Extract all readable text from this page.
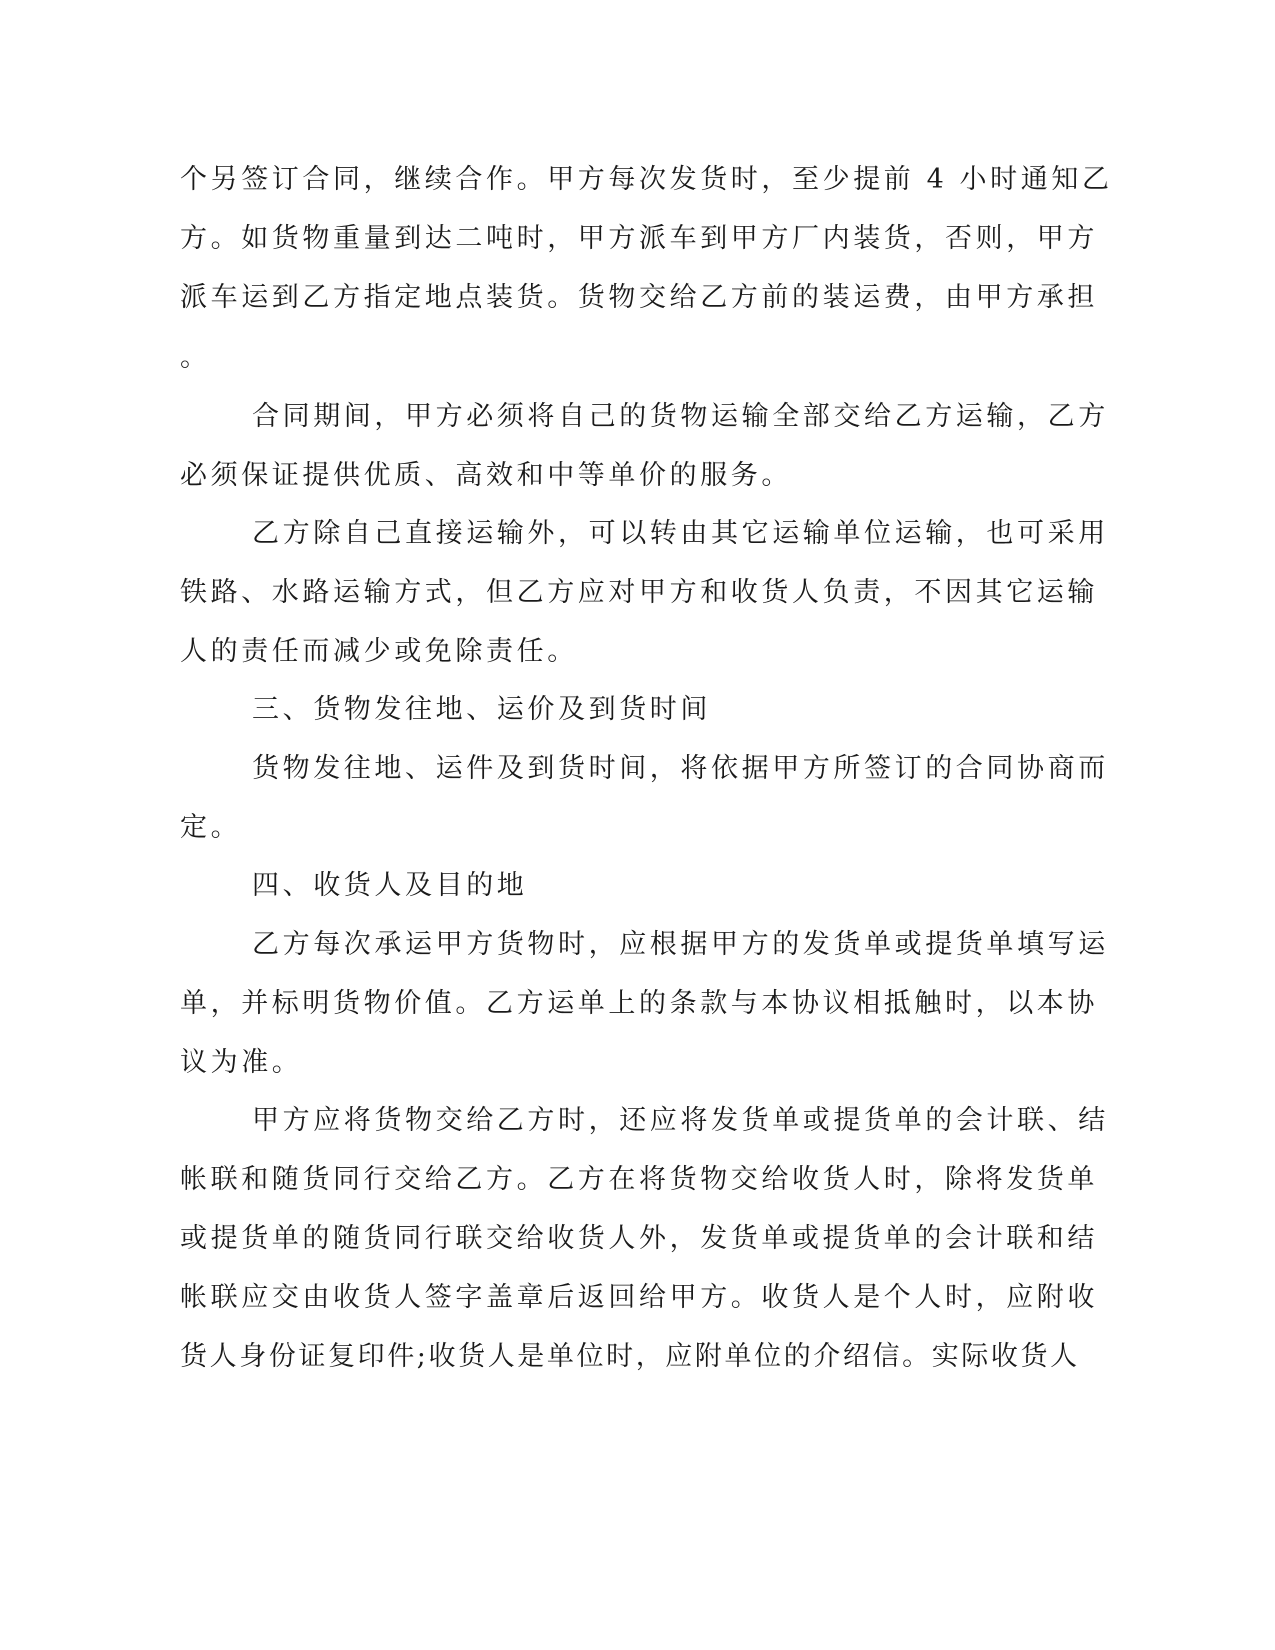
个另签订合同，继续合作。甲方每次发货时，至少提前 4 小时通知乙
方。如货物重量到达二吨时，甲方派车到甲方厂内装货，否则，甲方
派车运到乙方指定地点装货。货物交给乙方前的装运费，由甲方承担
。
合同期间，甲方必须将自己的货物运输全部交给乙方运输，乙方
必须保证提供优质、高效和中等单价的服务。
乙方除自己直接运输外，可以转由其它运输单位运输，也可采用
铁路、水路运输方式，但乙方应对甲方和收货人负责，不因其它运输
人的责任而减少或免除责任。
三、货物发往地、运价及到货时间
货物发往地、运件及到货时间，将依据甲方所签订的合同协商而
定。
四、收货人及目的地
乙方每次承运甲方货物时，应根据甲方的发货单或提货单填写运
单，并标明货物价值。乙方运单上的条款与本协议相抵触时，以本协
议为准。
甲方应将货物交给乙方时，还应将发货单或提货单的会计联、结
帐联和随货同行交给乙方。乙方在将货物交给收货人时，除将发货单
或提货单的随货同行联交给收货人外，发货单或提货单的会计联和结
帐联应交由收货人签字盖章后返回给甲方。收货人是个人时，应附收
货人身份证复印件;收货人是单位时，应附单位的介绍信。实际收货人
